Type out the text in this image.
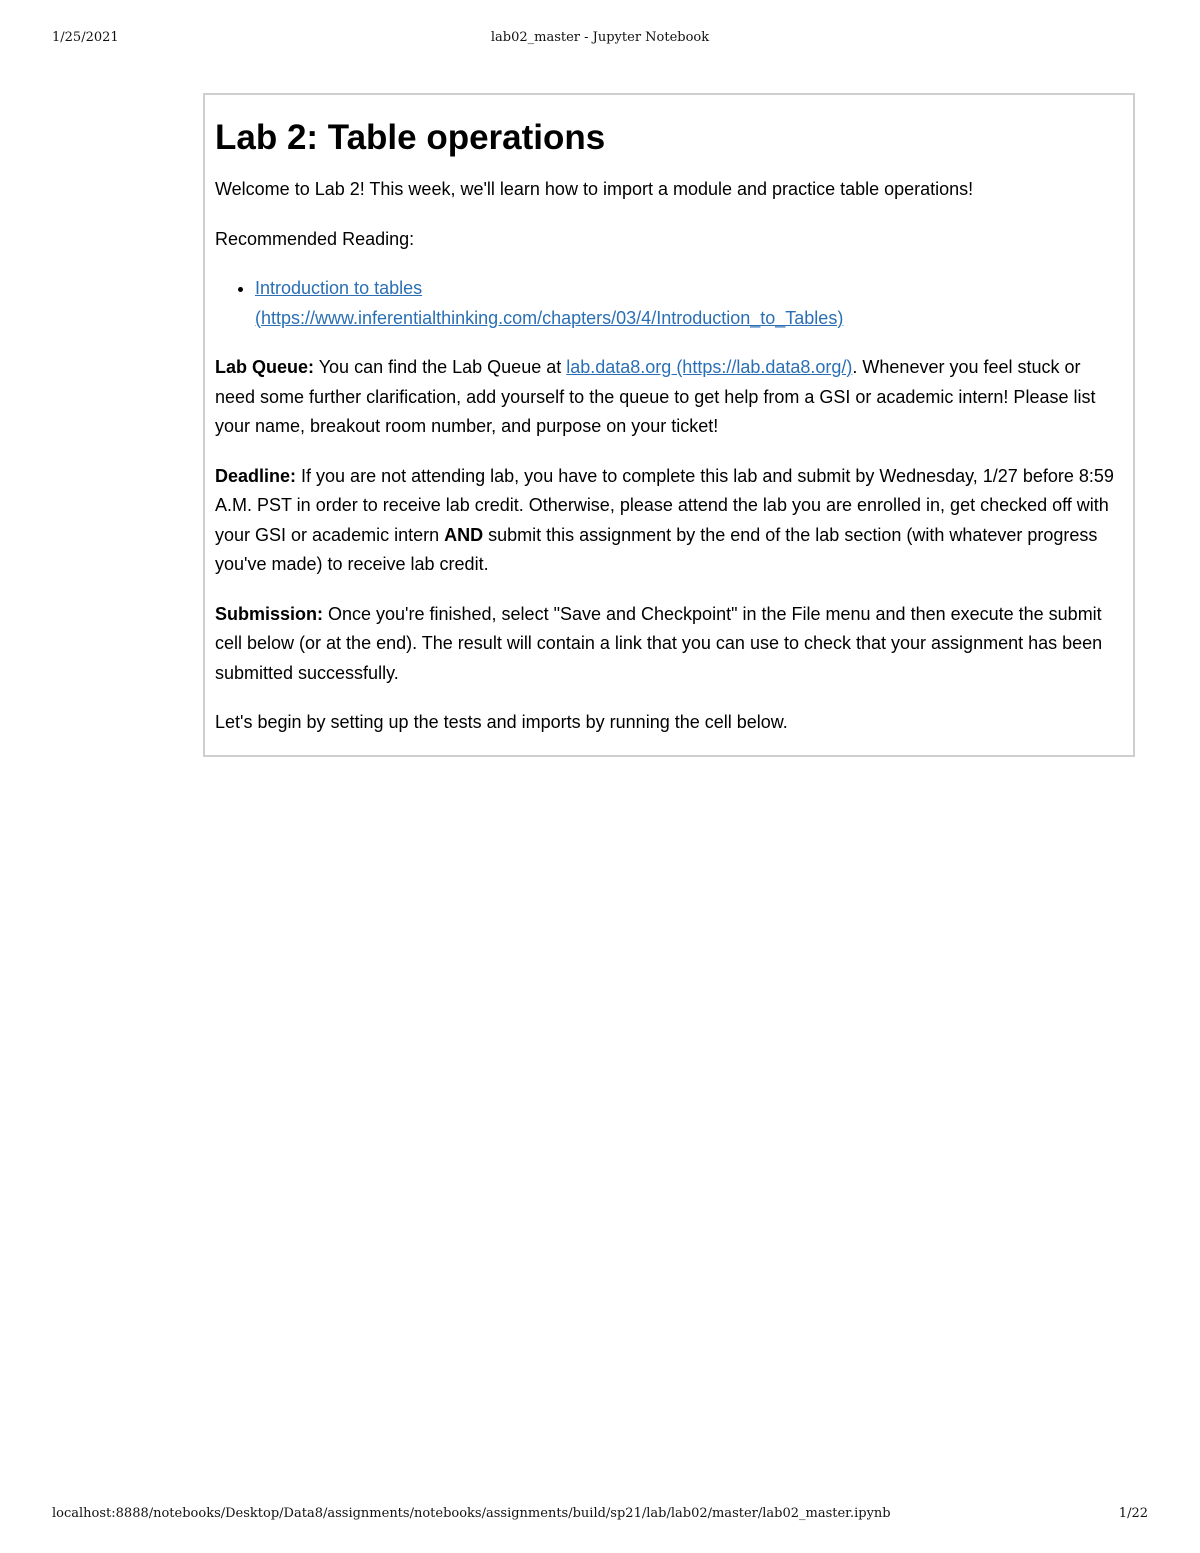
1/25/2021	lab02_master - Jupyter Notebook
Lab 2: Table operations

Welcome to Lab 2! This week, we'll learn how to import a module and practice table operations!

Recommended Reading:

• Introduction to tables
(https://www.inferentialthinking.com/chapters/03/4/Introduction_to_Tables)

Lab Queue: You can find the Lab Queue at lab.data8.org (https://lab.data8.org/). Whenever you feel stuck or need some further clarification, add yourself to the queue to get help from a GSI or academic intern! Please list your name, breakout room number, and purpose on your ticket!

Deadline: If you are not attending lab, you have to complete this lab and submit by Wednesday, 1/27 before 8:59 A.M. PST in order to receive lab credit. Otherwise, please attend the lab you are enrolled in, get checked off with your GSI or academic intern AND submit this assignment by the end of the lab section (with whatever progress you've made) to receive lab credit.

Submission: Once you're finished, select "Save and Checkpoint" in the File menu and then execute the submit cell below (or at the end). The result will contain a link that you can use to check that your assignment has been submitted successfully.

Let's begin by setting up the tests and imports by running the cell below.

localhost:8888/notebooks/Desktop/Data8/assignments/notebooks/assignments/build/sp21/lab/lab02/master/lab02_master.ipynb	1/22
